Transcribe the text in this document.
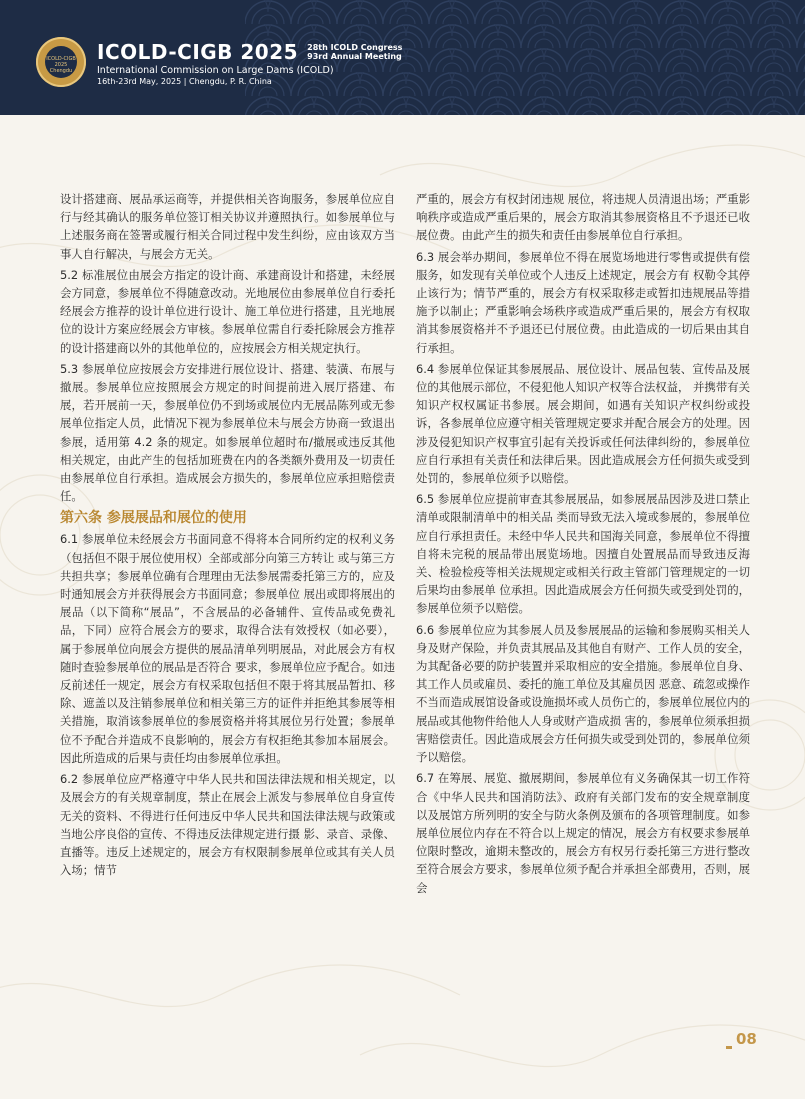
ICOLD-CIGB 2025 Chengdu
ICOLD-CIGB 2025 28th ICOLD Congress
93rd Annual Meeting
International Commission on Large Dams (ICOLD)
16th-23rd May, 2025 | Chengdu, P. R. China

设计搭建商、展品承运商等，并提供相关咨询服务，参展单位应自行与经其确认的服务单位签订相关协议并遵照执行。如参展单位与上述服务商在签署或履行相关合同过程中发生纠纷，应由该双方当事人自行解决，与展会方无关。

5.2 标准展位由展会方指定的设计商、承建商设计和搭建，未经展会方同意，参展单位不得随意改动。光地展位由参展单位自行委托经展会方推荐的设计单位进行设计、施工单位进行搭建，且光地展位的设计方案应经展会方审核。参展单位需自行委托除展会方推荐的设计搭建商以外的其他单位的，应按展会方相关规定执行。

5.3 参展单位应按展会方安排进行展位设计、搭建、装潢、布展与撤展。参展单位应按照展会方规定的时间提前进入展厅搭建、布展，若开展前一天，参展单位仍不到场或展位内无展品陈列或无参展单位指定人员，此情况下视为参展单位未与展会方协商一致退出参展，适用第 4.2 条的规定。如参展单位超时布/撤展或违反其他相关规定，由此产生的包括加班费在内的各类额外费用及一切责任由参展单位自行承担。造成展会方损失的，参展单位应承担赔偿责任。

第六条 参展展品和展位的使用

6.1 参展单位未经展会方书面同意不得将本合同所约定的权利义务（包括但不限于展位使用权）全部或部分向第三方转让 或与第三方共担共享；参展单位确有合理理由无法参展需委托第三方的，应及时通知展会方并获得展会方书面同意；参展单位 展出或即将展出的展品（以下简称“展品”，不含展品的必备辅件、宣传品或免费礼品，下同）应符合展会方的要求，取得合法有效授权（如必要），属于参展单位向展会方提供的展品清单列明展品，对此展会方有权随时查验参展单位的展品是否符合 要求，参展单位应予配合。如违反前述任一规定，展会方有权采取包括但不限于将其展品暂扣、移除、遮盖以及注销参展单位和相关第三方的证件并拒绝其参展等相关措施，取消该参展单位的参展资格并将其展位另行处置；参展单位不予配合并造成不良影响的，展会方有权拒绝其参加本届展会。因此所造成的后果与责任均由参展单位承担。

6.2 参展单位应严格遵守中华人民共和国法律法规和相关规定，以及展会方的有关规章制度，禁止在展会上派发与参展单位自身宣传无关的资料、不得进行任何违反中华人民共和国法律法规与政策或当地公序良俗的宣传、不得违反法律规定进行摄 影、录音、录像、直播等。违反上述规定的，展会方有权限制参展单位或其有关人员入场；情节

严重的，展会方有权封闭违规 展位，将违规人员清退出场；严重影响秩序或造成严重后果的，展会方取消其参展资格且不予退还已收展位费。由此产生的损失和责任由参展单位自行承担。

6.3 展会举办期间，参展单位不得在展览场地进行零售或提供有偿服务，如发现有关单位或个人违反上述规定，展会方有 权勒令其停止该行为；情节严重的，展会方有权采取移走或暂扣违规展品等措施予以制止；严重影响会场秩序或造成严重后果的，展会方有权取消其参展资格并不予退还已付展位费。由此造成的一切后果由其自行承担。

6.4 参展单位保证其参展展品、展位设计、展品包装、宣传品及展位的其他展示部位，不侵犯他人知识产权等合法权益， 并携带有关知识产权权属证书参展。展会期间，如遇有关知识产权纠纷或投诉，各参展单位应遵守相关管理规定要求并配合展会方的处理。因涉及侵犯知识产权事宜引起有关投诉或任何法律纠纷的，参展单位应自行承担有关责任和法律后果。因此造成展会方任何损失或受到处罚的，参展单位须予以赔偿。

6.5 参展单位应提前审查其参展展品，如参展展品因涉及进口禁止清单或限制清单中的相关品 类而导致无法入境或参展的，参展单位应自行承担责任。未经中华人民共和国海关同意，参展单位不得擅自将未完税的展品带出展览场地。因擅自处置展品而导致违反海关、检验检疫等相关法规规定或相关行政主管部门管理规定的一切后果均由参展单 位承担。因此造成展会方任何损失或受到处罚的，参展单位须予以赔偿。

6.6 参展单位应为其参展人员及参展展品的运输和参展购买相关人身及财产保险，并负责其展品及其他自有财产、工作人员的安全，为其配备必要的防护装置并采取相应的安全措施。参展单位自身、其工作人员或雇员、委托的施工单位及其雇员因 恶意、疏忽或操作不当而造成展馆设备或设施损坏或人员伤亡的，参展单位展位内的展品或其他物件给他人人身或财产造成损 害的，参展单位须承担损害赔偿责任。因此造成展会方任何损失或受到处罚的，参展单位须予以赔偿。

6.7 在筹展、展览、撤展期间，参展单位有义务确保其一切工作符合《中华人民共和国消防法》、政府有关部门发布的安全规章制度以及展馆方所列明的安全与防火条例及颁布的各项管理制度。如参展单位展位内存在不符合以上规定的情况，展会方有权要求参展单位限时整改，逾期未整改的，展会方有权另行委托第三方进行整改至符合展会方要求，参展单位须予配合并承担全部费用，否则，展会

08
